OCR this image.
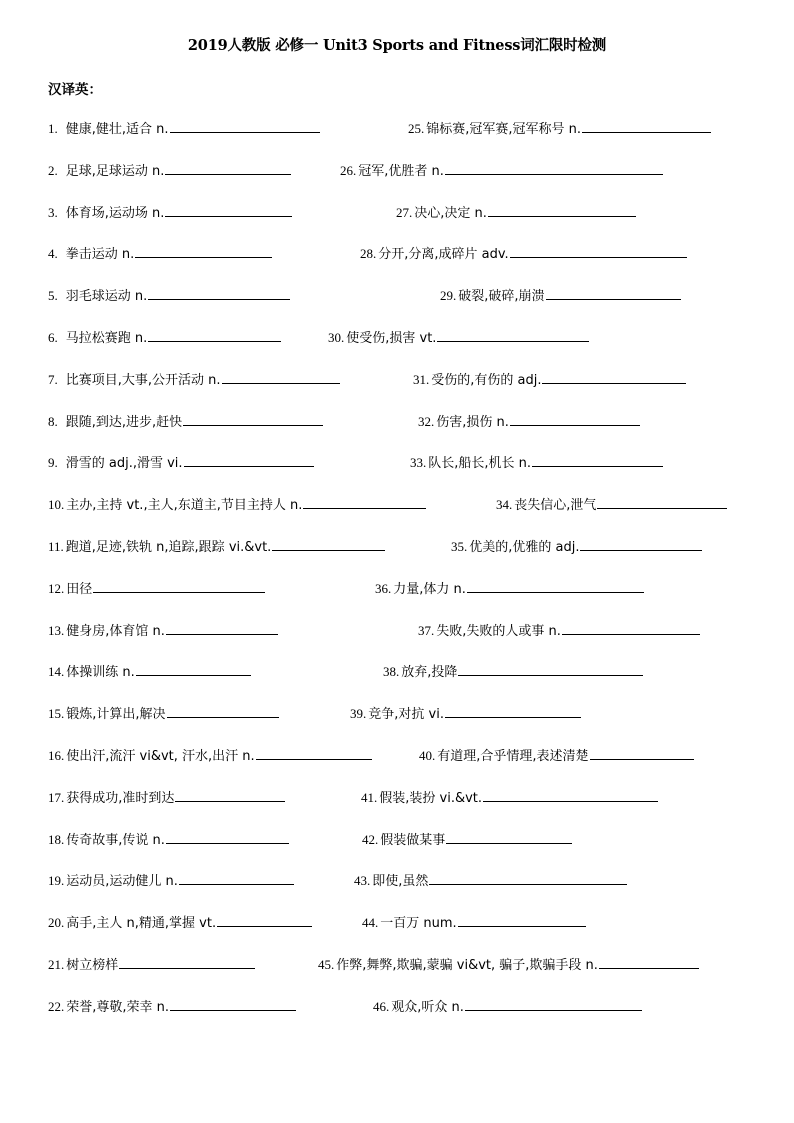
2019人教版 必修一 Unit3 Sports and Fitness词汇限时检测
汉译英：
1. 健康,健壮,适合 n.	25. 锦标赛,冠军赛,冠军称号 n.
2. 足球,足球运动 n.	26. 冠军,优胜者 n.
3. 体育场,运动场 n.	27. 决心,决定 n.
4. 拳击运动 n.	28. 分开,分离,成碎片 adv.
5. 羽毛球运动 n.	29. 破裂,破碎,崩溃
6. 马拉松赛跑 n.	30. 使受伤,损害 vt.
7. 比赛项目,大事,公开活动 n.	31. 受伤的,有伤的 adj.
8. 跟随,到达,进步,赶快	32. 伤害,损伤 n.
9. 滑雪的 adj.,滑雪 vi.	33. 队长,船长,机长 n.
10. 主办,主持 vt.,主人,东道主,节目主持人 n.	34. 丧失信心,泄气
11. 跑道,足迹,铁轨 n,追踪,跟踪 vi.&vt.	35. 优美的,优雅的 adj.
12. 田径	36. 力量,体力 n.
13. 健身房,体育馆 n.	37. 失败,失败的人或事 n.
14. 体操训练 n.	38. 放弃,投降
15. 锻炼,计算出,解决	39. 竞争,对抗 vi.
16. 使出汗,流汗 vi&vt, 汗水,出汗 n.	40. 有道理,合乎情理,表述清楚
17. 获得成功,准时到达	41. 假装,装扮 vi.&vt.
18. 传奇故事,传说 n.	42. 假装做某事
19. 运动员,运动健儿 n.	43. 即使,虽然
20. 高手,主人 n,精通,掌握 vt.	44. 一百万 num.
21. 树立榜样	45. 作弊,舞弊,欺骗,蒙骗 vi&vt, 骗子,欺骗手段 n.
22. 荣誉,尊敬,荣幸 n.	46. 观众,听众 n.
